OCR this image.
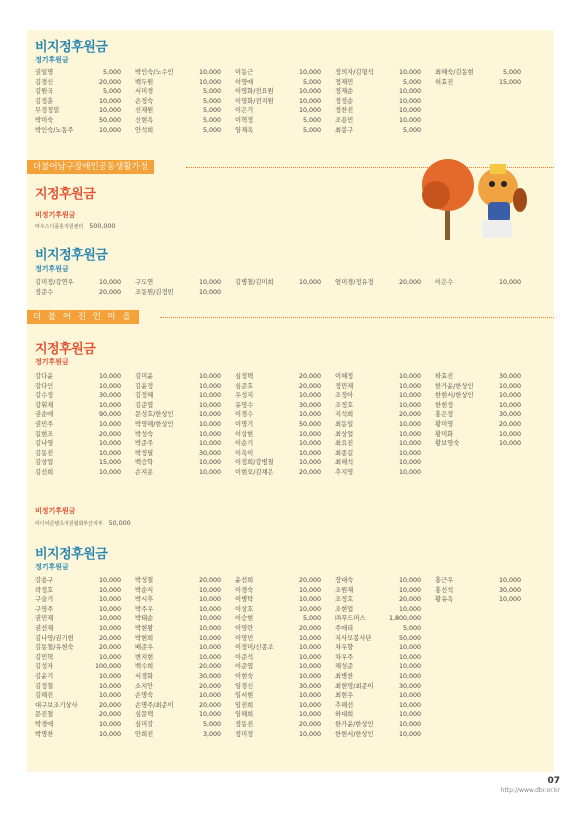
비지정후원금
정기후원금
권일명	5,000	박인숙/노수인	10,000	이동근	10,000	정의자/김형석	10,000	최혜숙/김동현	5,000
김경신	20,000	백두원	10,000	이영애	5,000	정재민	5,000	허효진	15,000
김원국	5,000	서미경	5,000	이영화/전요원	10,000	정재순	10,000		
김정훈	10,000	손정숙	5,000	이영화/전지원	10,000	정정순	10,000		
무정정밀	10,000	신재원	5,000	이은기	10,000	정찬진	10,000		
박미숙	50,000	신현옥	5,000	이혁정	5,000	조용민	10,000		
박인숙/노동주	10,000	안석희	5,000	임재옥	5,000	최봉구	5,000		
더불어남구장애인공동생활가정
지정후원금
비정기후원금
마우스디플롯지원센터 500,000
비지정후원금
정기후원금
김미정/강연우	10,000	구도연	10,000	김병철/김미희	10,000	엄미경/정유정	20,000	이은수	10,000
정준수	20,000	조동원/김정빈	10,000						
더 불 어 진 인 마 을
지정후원금
정기후원금
강다윤	10,000	김미윤	10,000	심정택	20,000	이혜정	10,000	하효진	30,000
강다인	10,000	김윤정	10,000	심준호	20,000	정민재	10,000	한가윤/한상인	10,000
강수정	30,000	김정혜	10,000	우성지	10,000	조정아	10,000	한현서/한상인	10,000
강휘재	10,000	김준엽	10,000	유영수	30,000	조정호	10,000	한현정	10,000
권순애	90,000	문성호/한상인	10,000	이경수	10,000	지석희	20,000	홍은정	30,000
권민주	10,000	박영해/한상인	10,000	이명기	50,000	최동일	10,000	황미영	20,000
길현조	20,000	박성숙	10,000	이상현	10,000	최상업	10,000	황미화	10,000
김나영	10,000	박준주	10,000	이순기	10,000	최요진	10,000	황보영숙	10,000
김동진	10,000	박정필	30,000	이옥이	10,000	최종길	10,000		
김상업	15,000	백승학	10,000	이정희/강병철	10,000	최해석	10,000		
김선희	10,000	손지운	10,000	이현오/김채은	20,000	추지영	10,000		
비정기후원금
미디어콘텐츠지원협회부산지부 50,000
비지정후원금
정기후원금
강용구	10,000	박성철	20,000	윤선희	20,000	장대숙	10,000	홍근우	10,000
곽정호	10,000	박순식	10,000	이경숙	10,000	조원재	10,000	홍선석	30,000
구슬기	10,000	박시후	10,000	이병탁	10,000	조정호	20,000	황유옥	10,000
구영주	10,000	박주우	10,000	이상호	10,000	조현업	10,000		
권민재	10,000	박태순	10,000	이승현	5,000	㈜푸드머스	1,800,000		
권선재	10,000	박현왕	10,000	이영란	20,000	주애리	5,000		
김나영/권기현	20,000	박현희	10,000	이영민	10,000	지사모봉사단	50,000		
김동철/유현숙	20,000	배준우	10,000	이정미/신종조	10,000	차우향	10,000		
김민혁	10,000	변지현	10,000	이준석	10,000	차우주	10,000		
김성자	100,000	백수희	20,000	이준엽	10,000	채성준	10,000		
김윤기	10,000	서경화	30,000	이현숙	10,000	최병찬	10,000		
김정철	10,000	소지안	20,000	임경신	30,000	최현영/최준이	30,000		
김해진	10,000	손명숙	10,000	임서현	10,000	최현우	10,000		
대구보조기상사	20,000	손명주/최준이	20,000	임진희	10,000	추해선	10,000		
문진철	20,000	심문택	10,000	임해희	10,000	하대희	10,000		
박경애	10,000	심미강	5,000	정동진	20,000	한가윤/한상인	10,000		
박명찬	10,000	안희진	3,000	정미정	10,000	한현서/한상인	10,000		
07
http://www.dbr.or.kr
